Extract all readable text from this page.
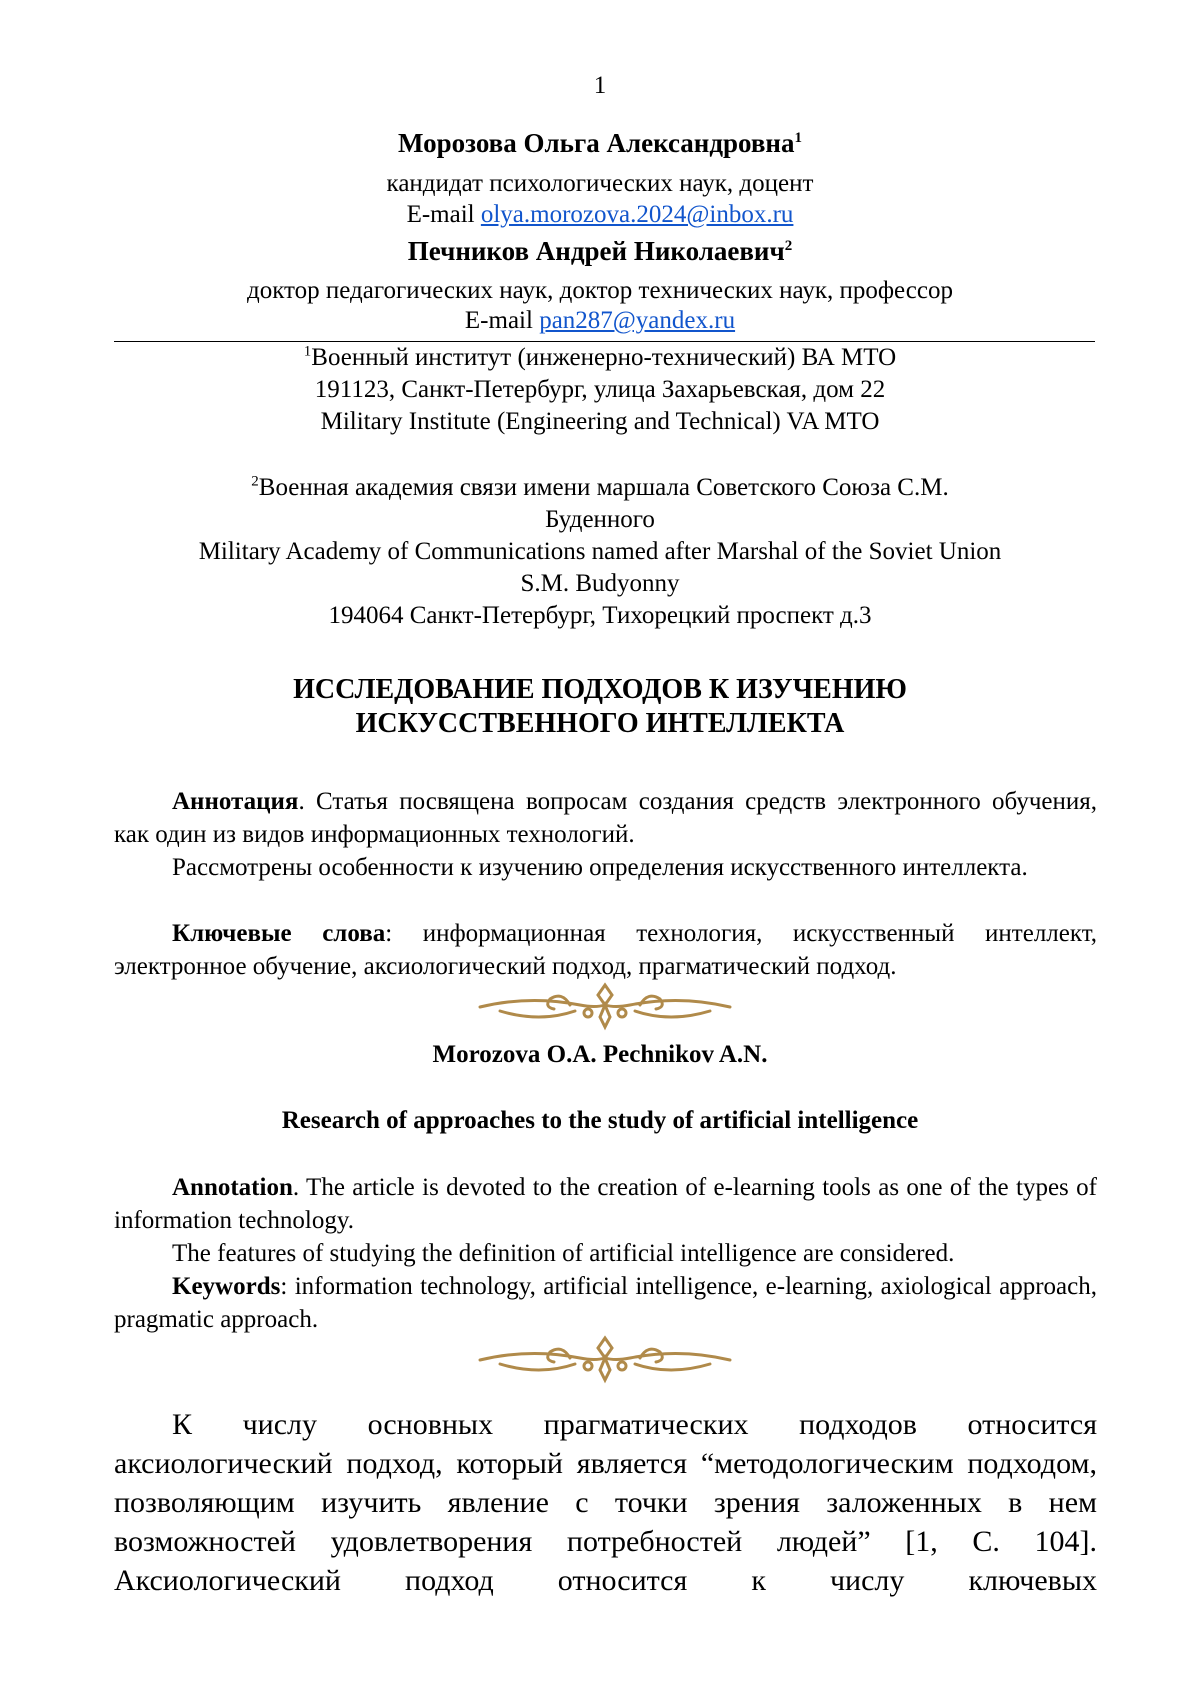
1
Морозова Ольга Александровна$^1$
кандидат психологических наук, доцент
E-mail olya.morozova.2024@inbox.ru
Печников Андрей Николаевич$^2$
доктор педагогических наук, доктор технических наук, профессор
E-mail pan287@yandex.ru
$^1$Военный институт (инженерно-технический) ВА МТО
191123, Санкт-Петербург, улица Захарьевская, дом 22
Military Institute (Engineering and Technical) VA MTO
$^2$Военная академия связи имени маршала Советского Союза С.М.
Буденного
Military Academy of Communications named after Marshal of the Soviet Union
S.M. Budyonny
194064 Санкт-Петербург, Тихорецкий проспект д.3
ИССЛЕДОВАНИЕ ПОДХОДОВ К ИЗУЧЕНИЮ
ИСКУССТВЕННОГО ИНТЕЛЛЕКТА
Аннотация. Статья посвящена вопросам создания средств электронного обучения, как один из видов информационных технологий.
Рассмотрены особенности к изучению определения искусственного интеллекта.
Ключевые слова: информационная технология, искусственный интеллект, электронное обучение, аксиологический подход, прагматический подход.
Morozova O.A. Pechnikov A.N.
Research of approaches to the study of artificial intelligence
Annotation. The article is devoted to the creation of e-learning tools as one of the types of information technology.
The features of studying the definition of artificial intelligence are considered.
Keywords: information technology, artificial intelligence, e-learning, axiological approach, pragmatic approach.
К числу основных прагматических подходов относится аксиологический подход, который является “методологическим подходом, позволяющим изучить явление с точки зрения заложенных в нем возможностей удовлетворения потребностей людей” [1, С. 104]. Аксиологический подход относится к числу ключевых
